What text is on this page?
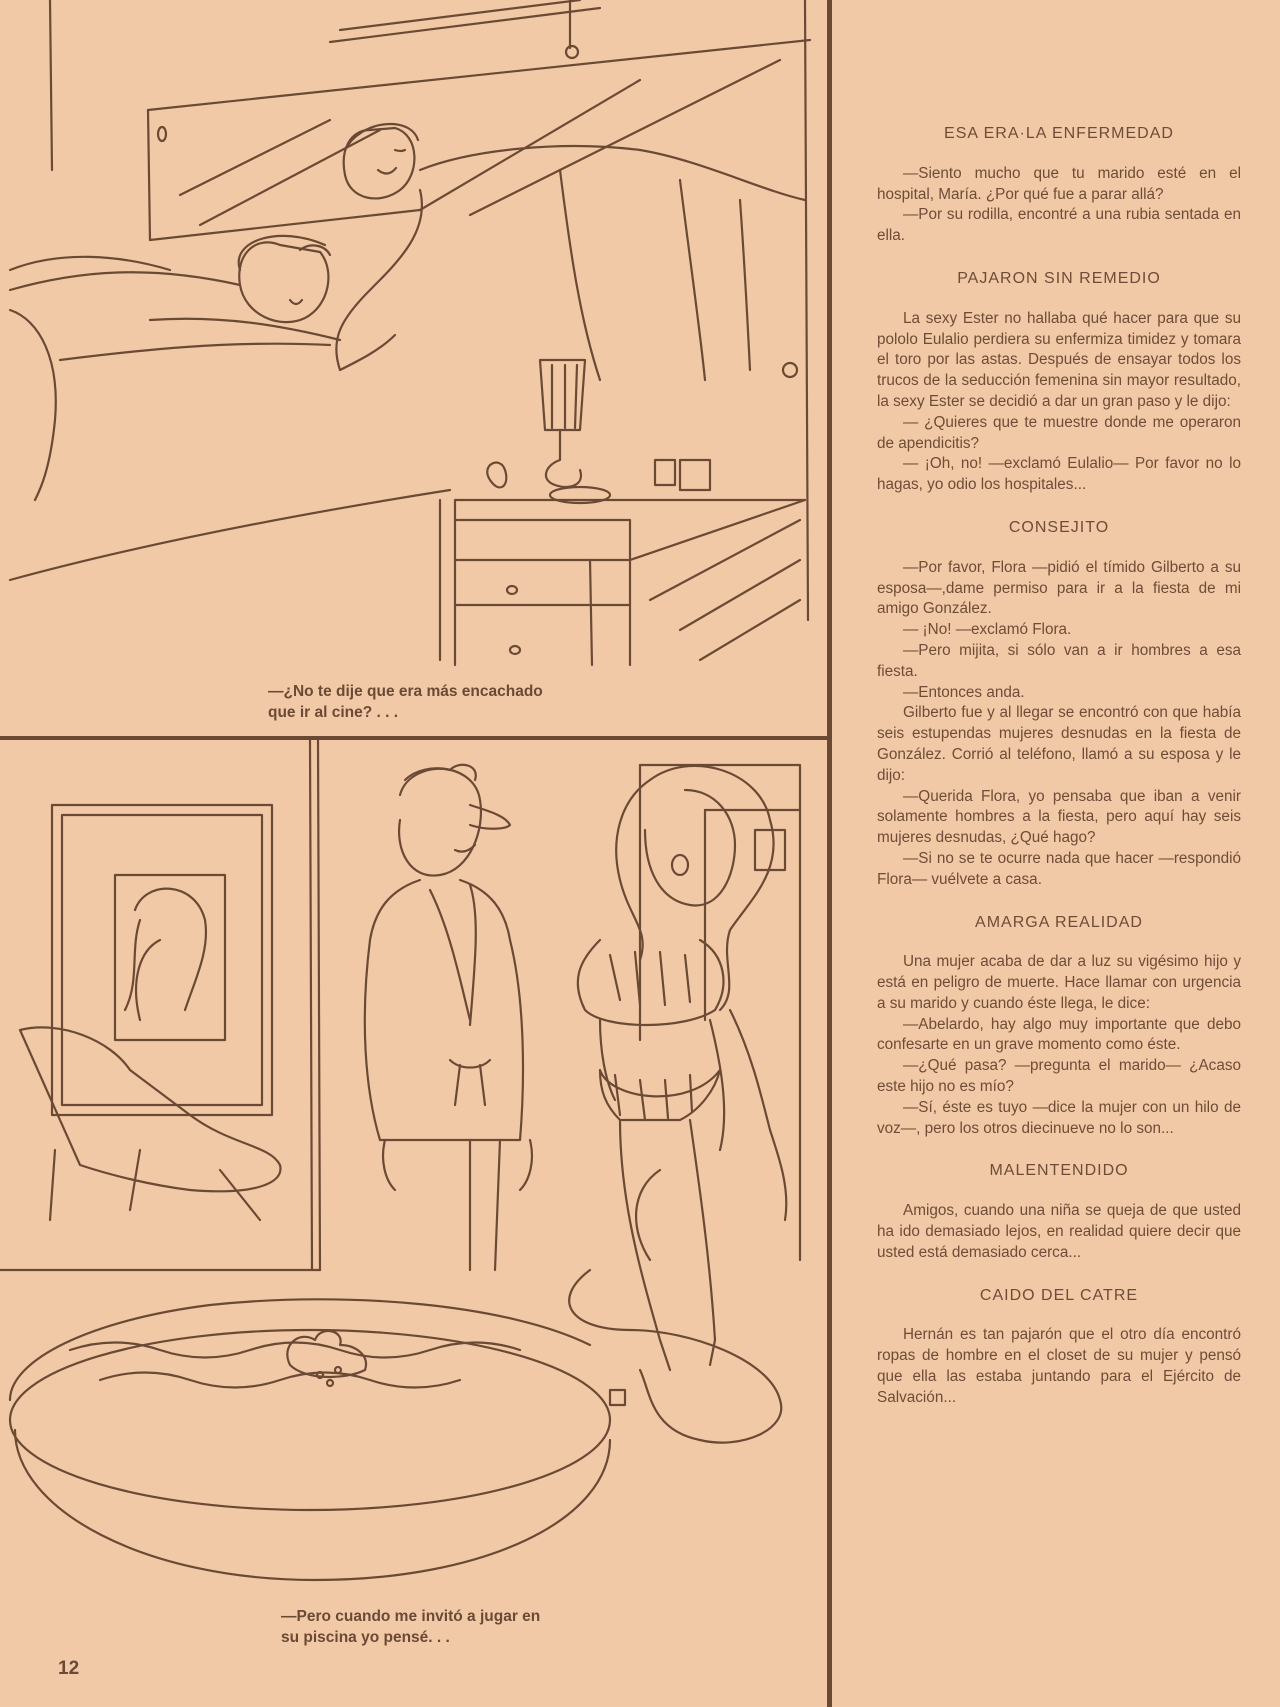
—¿No te dije que era más encachado
que ir al cine? . . .
—Pero cuando me invitó a jugar en
su piscina yo pensé. . .
12
ESA ERA·LA ENFERMEDAD

—Siento mucho que tu marido esté en el hospital, María. ¿Por qué fue a parar allá?

—Por su rodilla, encontré a una rubia sentada en ella.

PAJARON SIN REMEDIO

La sexy Ester no hallaba qué hacer para que su pololo Eulalio perdiera su enfermiza timidez y tomara el toro por las astas. Después de ensayar todos los trucos de la seducción femenina sin mayor resultado, la sexy Ester se decidió a dar un gran paso y le dijo:

— ¿Quieres que te muestre donde me operaron de apendicitis?

— ¡Oh, no! —exclamó Eulalio— Por favor no lo hagas, yo odio los hospitales...

CONSEJITO

—Por favor, Flora —pidió el tímido Gilberto a su esposa—,dame permiso para ir a la fiesta de mi amigo González.

— ¡No! —exclamó Flora.

—Pero mijita, si sólo van a ir hombres a esa fiesta.

—Entonces anda.

Gilberto fue y al llegar se encontró con que había seis estupendas mujeres desnudas en la fiesta de González. Corrió al teléfono, llamó a su esposa y le dijo:

—Querida Flora, yo pensaba que iban a venir solamente hombres a la fiesta, pero aquí hay seis mujeres desnudas, ¿Qué hago?

—Si no se te ocurre nada que hacer —respondió Flora— vuélvete a casa.

AMARGA REALIDAD

Una mujer acaba de dar a luz su vigésimo hijo y está en peligro de muerte. Hace llamar con urgencia a su marido y cuando éste llega, le dice:

—Abelardo, hay algo muy importante que debo confesarte en un grave momento como éste.

—¿Qué pasa? —pregunta el marido— ¿Acaso este hijo no es mío?

—Sí, éste es tuyo —dice la mujer con un hilo de voz—, pero los otros diecinueve no lo son...

MALENTENDIDO

Amigos, cuando una niña se queja de que usted ha ido demasiado lejos, en realidad quiere decir que usted está demasiado cerca...

CAIDO DEL CATRE

Hernán es tan pajarón que el otro día encontró ropas de hombre en el closet de su mujer y pensó que ella las estaba juntando para el Ejército de Salvación...
